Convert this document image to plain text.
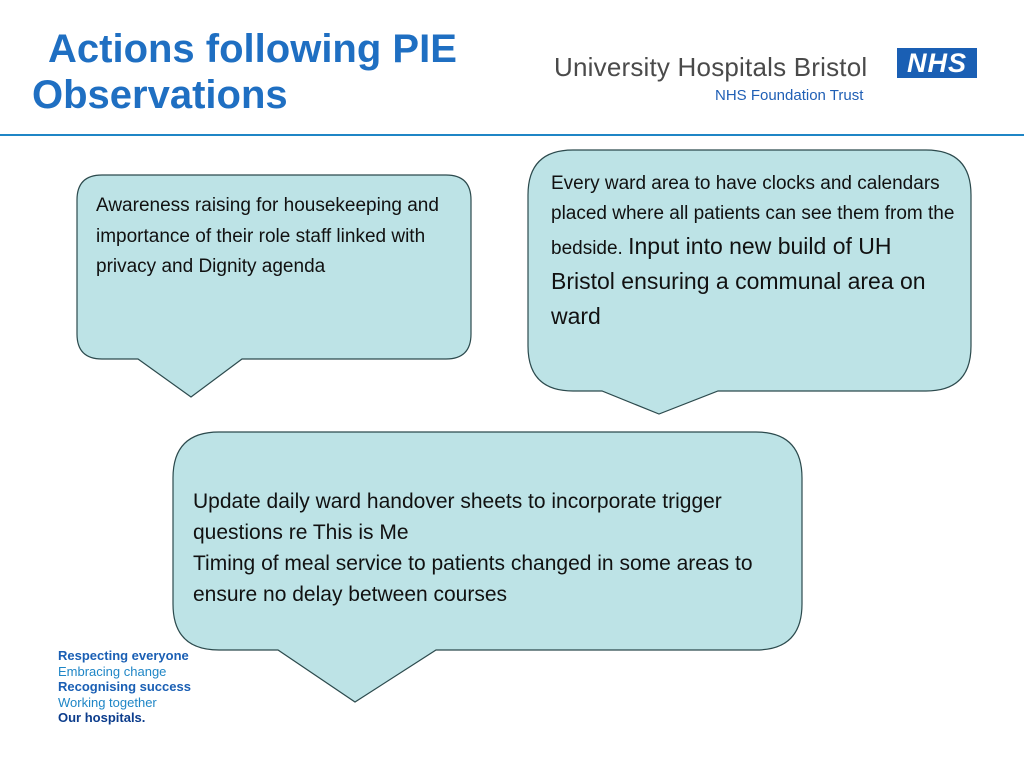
Actions following PIE
Observations
University Hospitals Bristol	NHS
NHS Foundation Trust
Awareness raising for housekeeping and importance of their role staff linked with privacy and Dignity agenda
Every ward area to have clocks and calendars placed where all patients can see them from the bedside. Input into new build of UH Bristol ensuring a communal area on ward
Update daily ward handover sheets to incorporate trigger questions re This is Me
Timing of meal service to patients changed in some areas to ensure no delay between courses
Respecting everyone
Embracing change
Recognising success
Working together
Our hospitals.
